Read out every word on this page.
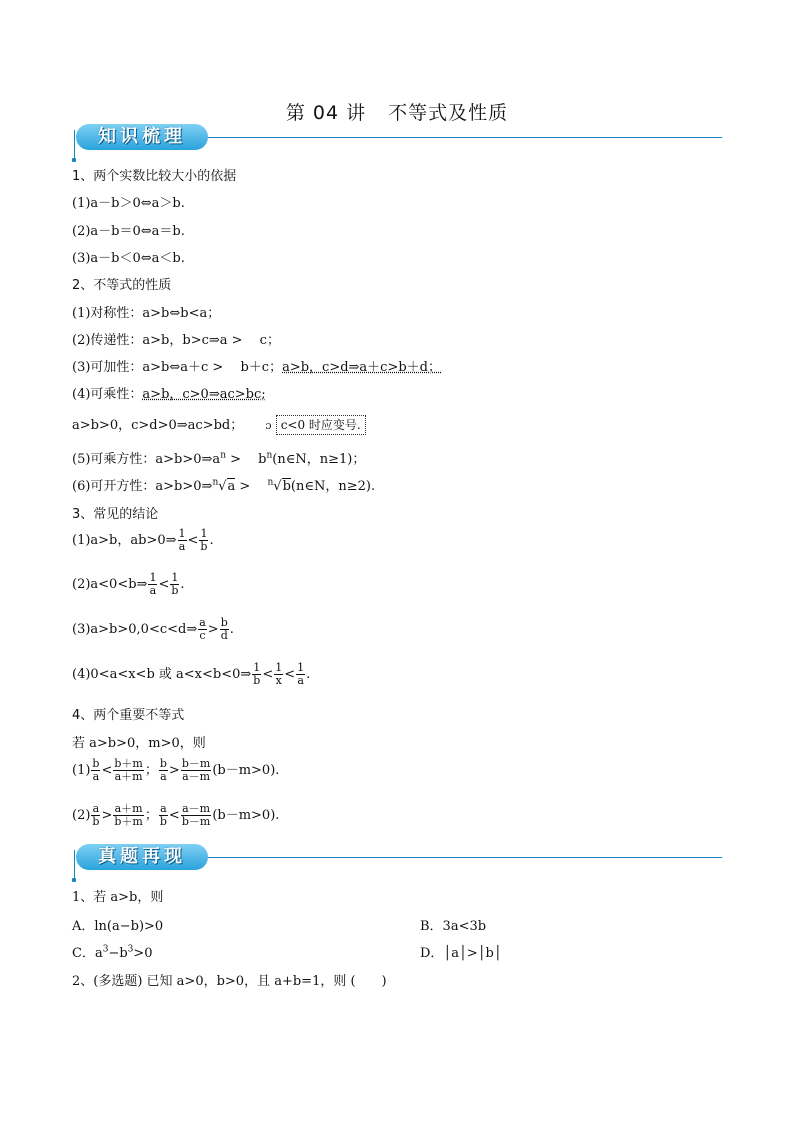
第 04 讲 不等式及性质
知识梳理
1、两个实数比较大小的依据
(1)a－b＞0⇔a＞b.
(2)a－b＝0⇔a＝b.
(3)a－b＜0⇔a＜b.
2、不等式的性质
(1)对称性：a>b⇔b<a；
(2)传递性：a>b，b>c⇒a >　 c；
(3)可加性：a>b⇔a＋c >　 b＋c；a>b，c>d⇒a＋c>b＋d；
(4)可乘性：a>b，c>0⇒ac>bc;
a>b>0，c>d>0⇒ac>bd； ɔ c<0 时应变号.
(5)可乘方性：$a>b>0\Rightarrow a^n$ >　 $b^n(n\in N$，n≥1)；
(6)可开方性：a>b>0⇒$^n$√a >　 $^n$√b(n∈N，n≥2).
3、常见的结论
(1)a>b，ab>0⇒ $\frac{1}{a} < \frac{1}{b}$ .
(2)a<0<b⇒ $\frac{1}{a} < \frac{1}{b}$ .
(3)a>b>0,0<c<d⇒ $\frac{a}{c} > \frac{b}{d}$ .
(4)0<a<x<b 或 a<x<b<0⇒ $\frac{1}{b} < \frac{1}{x} < \frac{1}{a}$ .
4、两个重要不等式
若 a>b>0，m>0，则
$(1) \frac{b}{a} < \frac{b+m}{a+m}$ ； $\frac{b}{a} > \frac{b-m}{a-m} (b-m>0)$.
$(2) \frac{a}{b} > \frac{a+m}{b+m}$ ； $\frac{a}{b} < \frac{a-m}{b-m} (b-m>0)$.
真题再现
1、若 a>b，则
A．ln(a−b)>0	B．3a<3b
C．$a^3-b^3>0$	D．│a│>│b│
2、(多选题) 已知 a>0，b>0，且 a+b=1，则 (　　)
